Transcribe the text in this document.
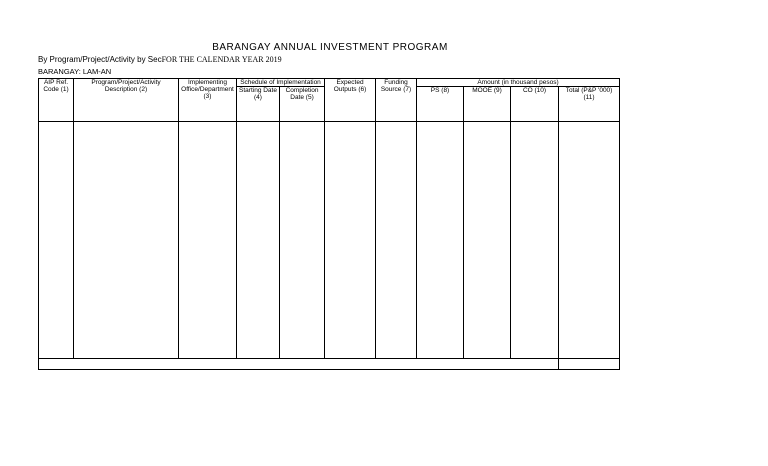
BARANGAY ANNUAL INVESTMENT PROGRAM
By Program/Project/Activity by SecFOR THE CALENDAR YEAR 2019
BARANGAY: LAM-AN
AIP Ref. Code (1)	Program/Project/Activity Description (2)	Implementing Office/Department (3)	Schedule of Implementation		Expected Outputs (6)	Funding Source (7)	Amount (in thousand pesos)			
			Starting Date (4)	Completion Date (5)			PS (8)	MOOE (9)	CO (10)	Total (P&P '000) (11)
